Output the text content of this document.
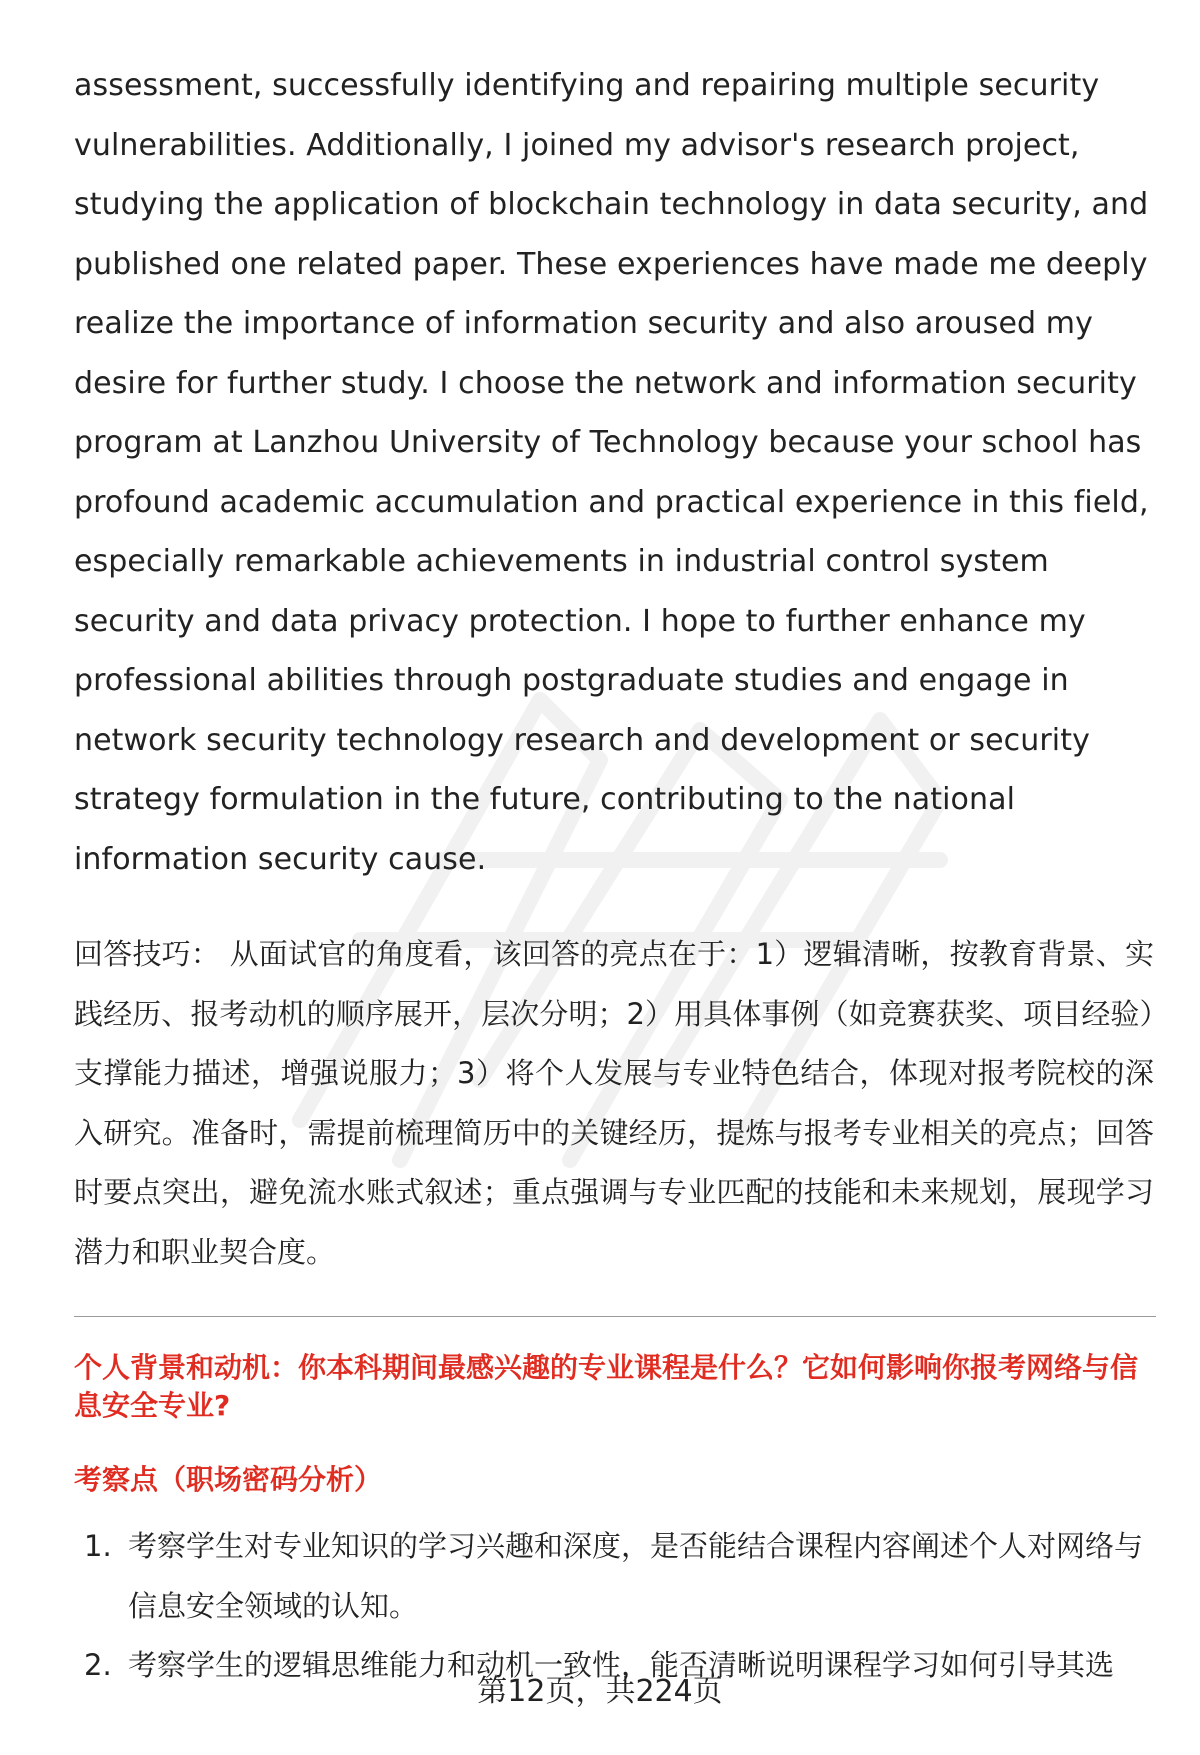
assessment, successfully identifying and repairing multiple security vulnerabilities. Additionally, I joined my advisor's research project, studying the application of blockchain technology in data security, and published one related paper. These experiences have made me deeply realize the importance of information security and also aroused my desire for further study. I choose the network and information security program at Lanzhou University of Technology because your school has profound academic accumulation and practical experience in this field, especially remarkable achievements in industrial control system security and data privacy protection. I hope to further enhance my professional abilities through postgraduate studies and engage in network security technology research and development or security strategy formulation in the future, contributing to the national information security cause.

回答技巧： 从面试官的角度看，该回答的亮点在于：1）逻辑清晰，按教育背景、实践经历、报考动机的顺序展开，层次分明；2）用具体事例（如竞赛获奖、项目经验）支撑能力描述，增强说服力；3）将个人发展与专业特色结合，体现对报考院校的深入研究。准备时，需提前梳理简历中的关键经历，提炼与报考专业相关的亮点；回答时要点突出，避免流水账式叙述；重点强调与专业匹配的技能和未来规划，展现学习潜力和职业契合度。

个人背景和动机：你本科期间最感兴趣的专业课程是什么？它如何影响你报考网络与信息安全专业?

考察点（职场密码分析）

1. 考察学生对专业知识的学习兴趣和深度，是否能结合课程内容阐述个人对网络与信息安全领域的认知。
2. 考察学生的逻辑思维能力和动机一致性，能否清晰说明课程学习如何引导其选
第12页，共224页
